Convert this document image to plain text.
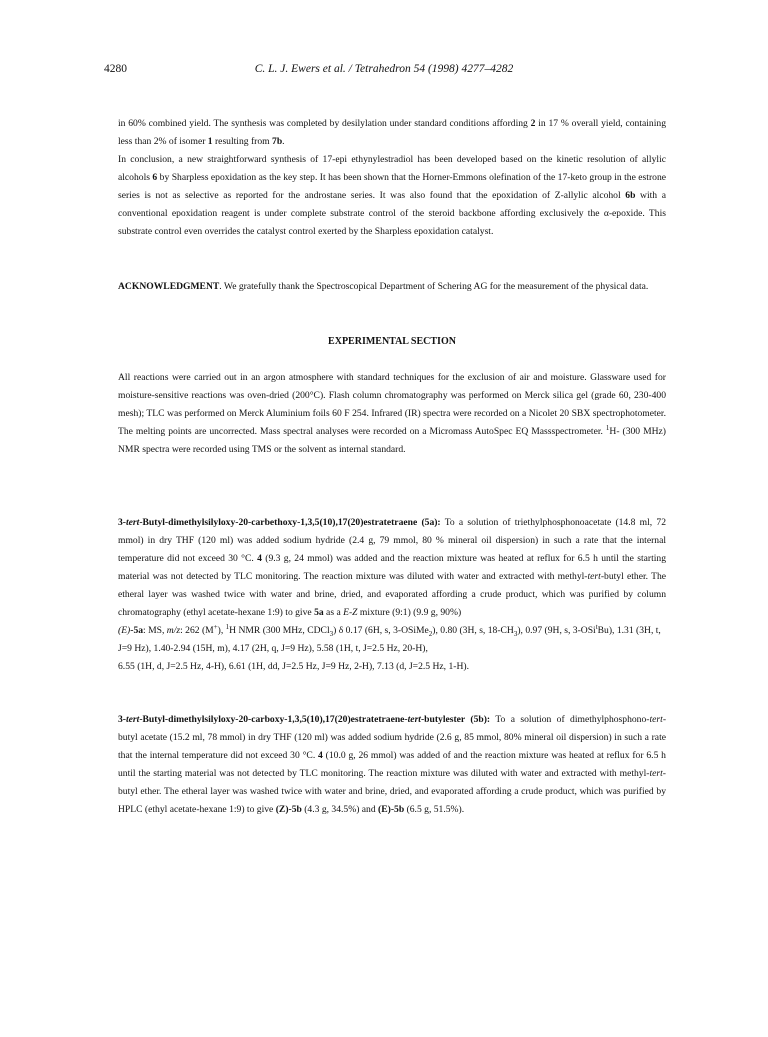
4280	C. L. J. Ewers et al. / Tetrahedron 54 (1998) 4277–4282

in 60% combined yield. The synthesis was completed by desilylation under standard conditions affording 2 in 17 % overall yield, containing less than 2% of isomer 1 resulting from 7b.

In conclusion, a new straightforward synthesis of 17-epi ethynylestradiol has been developed based on the kinetic resolution of allylic alcohols 6 by Sharpless epoxidation as the key step. It has been shown that the Horner-Emmons olefination of the 17-keto group in the estrone series is not as selective as reported for the androstane series. It was also found that the epoxidation of Z-allylic alcohol 6b with a conventional epoxidation reagent is under complete substrate control of the steroid backbone affording exclusively the α-epoxide. This substrate control even overrides the catalyst control exerted by the Sharpless epoxidation catalyst.

ACKNOWLEDGMENT. We gratefully thank the Spectroscopical Department of Schering AG for the measurement of the physical data.

EXPERIMENTAL SECTION

All reactions were carried out in an argon atmosphere with standard techniques for the exclusion of air and moisture. Glassware used for moisture-sensitive reactions was oven-dried (200°C). Flash column chromatography was performed on Merck silica gel (grade 60, 230-400 mesh); TLC was performed on Merck Aluminium foils 60 F 254. Infrared (IR) spectra were recorded on a Nicolet 20 SBX spectrophotometer. The melting points are uncorrected. Mass spectral analyses were recorded on a Micromass AutoSpec EQ Massspectrometer. $^1$H- (300 MHz) NMR spectra were recorded using TMS or the solvent as internal standard.

3-tert-Butyl-dimethylsilyloxy-20-carbethoxy-1,3,5(10),17(20)estratetraene (5a): To a solution of triethylphosphonoacetate (14.8 ml, 72 mmol) in dry THF (120 ml) was added sodium hydride (2.4 g, 79 mmol, 80 % mineral oil dispersion) in such a rate that the internal temperature did not exceed 30 °C. 4 (9.3 g, 24 mmol) was added and the reaction mixture was heated at reflux for 6.5 h until the starting material was not detected by TLC monitoring. The reaction mixture was diluted with water and extracted with methyl-tert-butyl ether. The etheral layer was washed twice with water and brine, dried, and evaporated affording a crude product, which was purified by column chromatography (ethyl acetate-hexane 1:9) to give 5a as a E-Z mixture (9:1) (9.9 g, 90%)

(E)-5a: MS, m/z: 262 (M+), $^1$H NMR (300 MHz, CDCl$_3$) δ 0.17 (6H, s, 3-OSiMe$_2$), 0.80 (3H, s, $18-CH_3$), 0.97 (9H, s, 3-OSi$^t$Bu), 1.31 (3H, t, J=9 Hz), 1.40-2.94 (15H, m), 4.17 (2H, q, J=9 Hz), 5.58 (1H, t, J=2.5 Hz, 20-H),
6.55 (1H, d, J=2.5 Hz, 4-H), 6.61 (1H, dd, J=2.5 Hz, J=9 Hz, 2-H), 7.13 (d, J=2.5 Hz, 1-H).

3-tert-Butyl-dimethylsilyloxy-20-carboxy-1,3,5(10),17(20)estratetraene-tert-butylester (5b): To a solution of dimethylphosphono-tert-butyl acetate (15.2 ml, 78 mmol) in dry THF (120 ml) was added sodium hydride (2.6 g, 85 mmol, 80% mineral oil dispersion) in such a rate that the internal temperature did not exceed 30 °C. 4 (10.0 g, 26 mmol) was added of and the reaction mixture was heated at reflux for 6.5 h until the starting material was not detected by TLC monitoring. The reaction mixture was diluted with water and extracted with methyl-tert-butyl ether. The etheral layer was washed twice with water and brine, dried, and evaporated affording a crude product, which was purified by HPLC (ethyl acetate-hexane 1:9) to give (Z)-5b (4.3 g, 34.5%) and (E)-5b (6.5 g, 51.5%).
